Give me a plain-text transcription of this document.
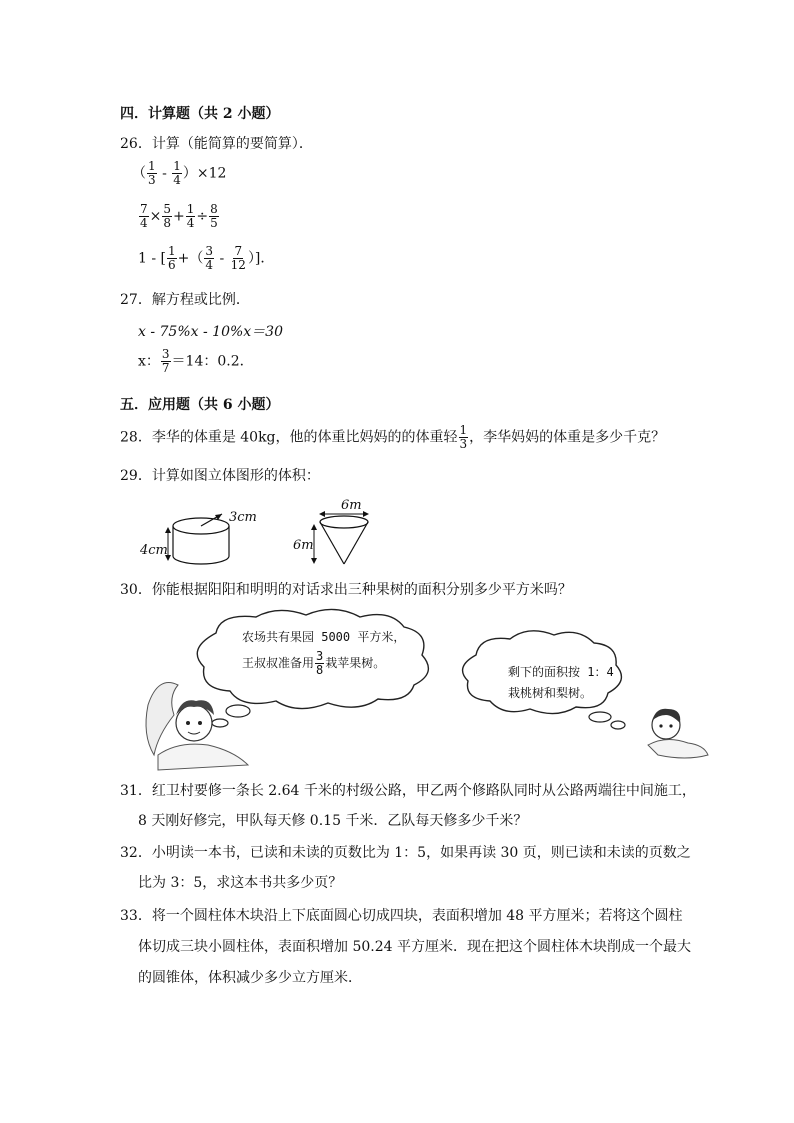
四．计算题（共 2 小题）
26．计算（能简算的要简算）．
（ $\frac{1}{3} - \frac{1}{4} )\times 12$
$\frac{7}{4} \times \frac{5}{8} + \frac{1}{4} \div \frac{8}{5}$
1 - [ $\frac{1}{6}$ +（ $\frac{3}{4} - \frac{7}{12}$ ）]．
27．解方程或比例．
x - 75%x - 10%x＝30
x： $\frac{3}{7} =14$：0.2．
五．应用题（共 6 小题）
28．李华的体重是 40kg，他的体重比妈妈的的体重轻 $\frac{1}{3}$ ，李华妈妈的体重是多少千克？
29．计算如图立体图形的体积：
3cm
4cm
6m
6m
30．你能根据阳阳和明明的对话求出三种果树的面积分别多少平方米吗？
农场共有果园 5000 平方米，
王叔叔准备用 $\frac{3}{8}$ 栽苹果树。
剩下的面积按 1：4
栽桃树和梨树。
31．红卫村要修一条长 2.64 千米的村级公路，甲乙两个修路队同时从公路两端往中间施工，
8 天刚好修完，甲队每天修 0.15 千米．乙队每天修多少千米？
32．小明读一本书，已读和未读的页数比为 1：5，如果再读 30 页，则已读和未读的页数之
比为 3：5，求这本书共多少页？
33．将一个圆柱体木块沿上下底面圆心切成四块，表面积增加 48 平方厘米；若将这个圆柱
体切成三块小圆柱体，表面积增加 50.24 平方厘米．现在把这个圆柱体木块削成一个最大
的圆锥体，体积减少多少立方厘米．
